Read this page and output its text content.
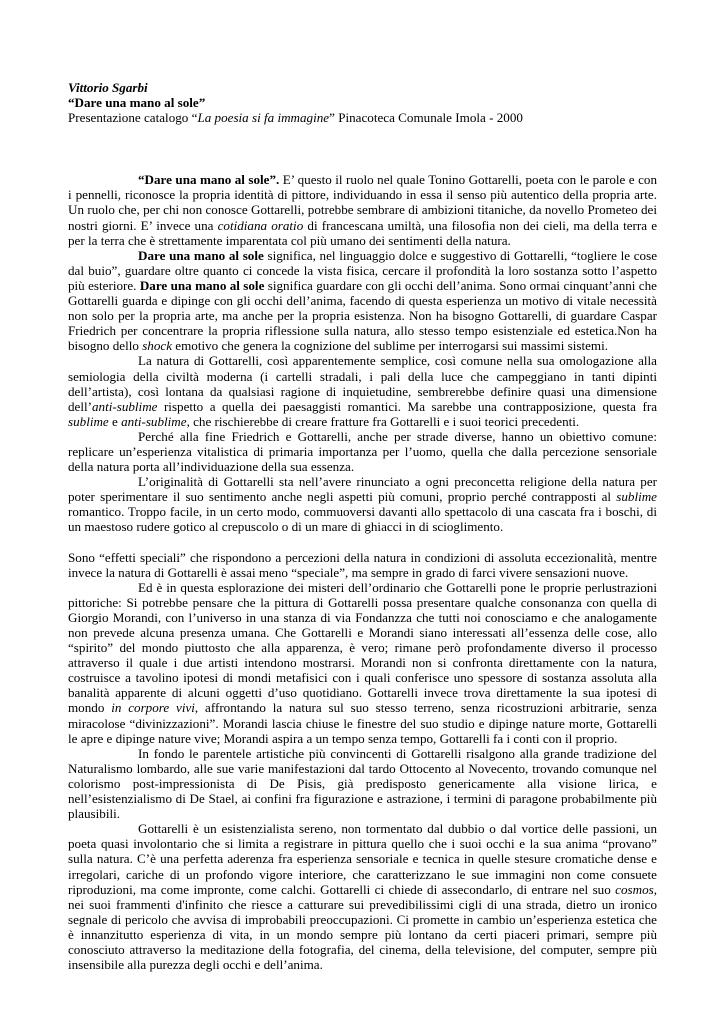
Vittorio Sgarbi
“Dare una mano al sole”
Presentazione catalogo “La poesia si fa immagine” Pinacoteca Comunale Imola - 2000

“Dare una mano al sole”. E’ questo il ruolo nel quale Tonino Gottarelli, poeta con le parole e con i pennelli, riconosce la propria identità di pittore, individuando in essa il senso più autentico della propria arte. Un ruolo che, per chi non conosce Gottarelli, potrebbe sembrare di ambizioni titaniche, da novello Prometeo dei nostri giorni. E’ invece una cotidiana oratio di francescana umiltà, una filosofia non dei cieli, ma della terra e per la terra che è strettamente imparentata col più umano dei sentimenti della natura.

Dare una mano al sole significa, nel linguaggio dolce e suggestivo di Gottarelli, “togliere le cose dal buio”, guardare oltre quanto ci concede la vista fisica, cercare il profondità la loro sostanza sotto l’aspetto più esteriore. Dare una mano al sole significa guardare con gli occhi dell’anima. Sono ormai cinquant’anni che Gottarelli guarda e dipinge con gli occhi dell’anima, facendo di questa esperienza un motivo di vitale necessità non solo per la propria arte, ma anche per la propria esistenza. Non ha bisogno Gottarelli, di guardare Caspar Friedrich per concentrare la propria riflessione sulla natura, allo stesso tempo esistenziale ed estetica.Non ha bisogno dello shock emotivo che genera la cognizione del sublime per interrogarsi sui massimi sistemi.

La natura di Gottarelli, così apparentemente semplice, così comune nella sua omologazione alla semiologia della civiltà moderna (i cartelli stradali, i pali della luce che campeggiano in tanti dipinti dell’artista), così lontana da qualsiasi ragione di inquietudine, sembrerebbe definire quasi una dimensione dell’anti-sublime rispetto a quella dei paesaggisti romantici. Ma sarebbe una contrapposizione, questa fra sublime e anti-sublime, che rischierebbe di creare fratture fra Gottarelli e i suoi teorici precedenti.

Perché alla fine Friedrich e Gottarelli, anche per strade diverse, hanno un obiettivo comune: replicare un’esperienza vitalistica di primaria importanza per l’uomo, quella che dalla percezione sensoriale della natura porta all’individuazione della sua essenza.

L’originalità di Gottarelli sta nell’avere rinunciato a ogni preconcetta religione della natura per poter sperimentare il suo sentimento anche negli aspetti più comuni, proprio perché contrapposti al sublime romantico. Troppo facile, in un certo modo, commuoversi davanti allo spettacolo di una cascata fra i boschi, di un maestoso rudere gotico al crepuscolo o di un mare di ghiacci in di scioglimento.

Sono “effetti speciali” che rispondono a percezioni della natura in condizioni di assoluta eccezionalità, mentre invece la natura di Gottarelli è assai meno “speciale”, ma sempre in grado di farci vivere sensazioni nuove.

Ed è in questa esplorazione dei misteri dell’ordinario che Gottarelli pone le proprie perlustrazioni pittoriche: Si potrebbe pensare che la pittura di Gottarelli possa presentare qualche consonanza con quella di Giorgio Morandi, con l’universo in una stanza di via Fondanzza che tutti noi conosciamo e che analogamente non prevede alcuna presenza umana. Che Gottarelli e Morandi siano interessati all’essenza delle cose, allo “spirito” del mondo piuttosto che alla apparenza, è vero; rimane però profondamente diverso il processo attraverso il quale i due artisti intendono mostrarsi. Morandi non si confronta direttamente con la natura, costruisce a tavolino ipotesi di mondi metafisici con i quali conferisce uno spessore di sostanza assoluta alla banalità apparente di alcuni oggetti d’uso quotidiano. Gottarelli invece trova direttamente la sua ipotesi di mondo in corpore vivi, affrontando la natura sul suo stesso terreno, senza ricostruzioni arbitrarie, senza miracolose “divinizzazioni”. Morandi lascia chiuse le finestre del suo studio e dipinge nature morte, Gottarelli le apre e dipinge nature vive; Morandi aspira a un tempo senza tempo, Gottarelli fa i conti con il proprio.

In fondo le parentele artistiche più convincenti di Gottarelli risalgono alla grande tradizione del Naturalismo lombardo, alle sue varie manifestazioni dal tardo Ottocento al Novecento, trovando comunque nel colorismo post-impressionista di De Pisis, già predisposto genericamente alla visione lirica, e nell’esistenzialismo di De Stael, ai confini fra figurazione e astrazione, i termini di paragone probabilmente più plausibili.

Gottarelli è un esistenzialista sereno, non tormentato dal dubbio o dal vortice delle passioni, un poeta quasi involontario che si limita a registrare in pittura quello che i suoi occhi e la sua anima “provano” sulla natura. C’è una perfetta aderenza fra esperienza sensoriale e tecnica in quelle stesure cromatiche dense e irregolari, cariche di un profondo vigore interiore, che caratterizzano le sue immagini non come consuete riproduzioni, ma come impronte, come calchi. Gottarelli ci chiede di assecondarlo, di entrare nel suo cosmos, nei suoi frammenti d'infinito che riesce a catturare sui prevedibilissimi cigli di una strada, dietro un ironico segnale di pericolo che avvisa di improbabili preoccupazioni. Ci promette in cambio un’esperienza estetica che è innanzitutto esperienza di vita, in un mondo sempre più lontano da certi piaceri primari, sempre più conosciuto attraverso la meditazione della fotografia, del cinema, della televisione, del computer, sempre più insensibile alla purezza degli occhi e dell’anima.
